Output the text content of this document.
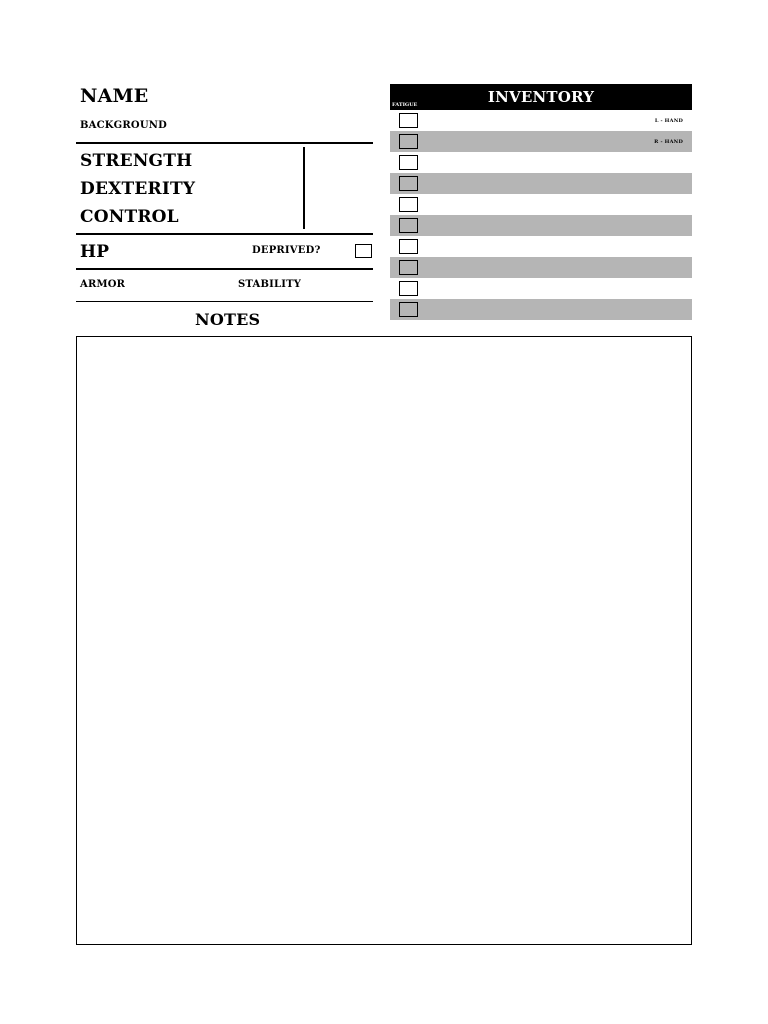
NAME
BACKGROUND
STRENGTH
DEXTERITY
CONTROL
HP	DEPRIVED?
ARMOR	STABILITY
NOTES
INVENTORY
FATIGUE
L - HAND
R - HAND
